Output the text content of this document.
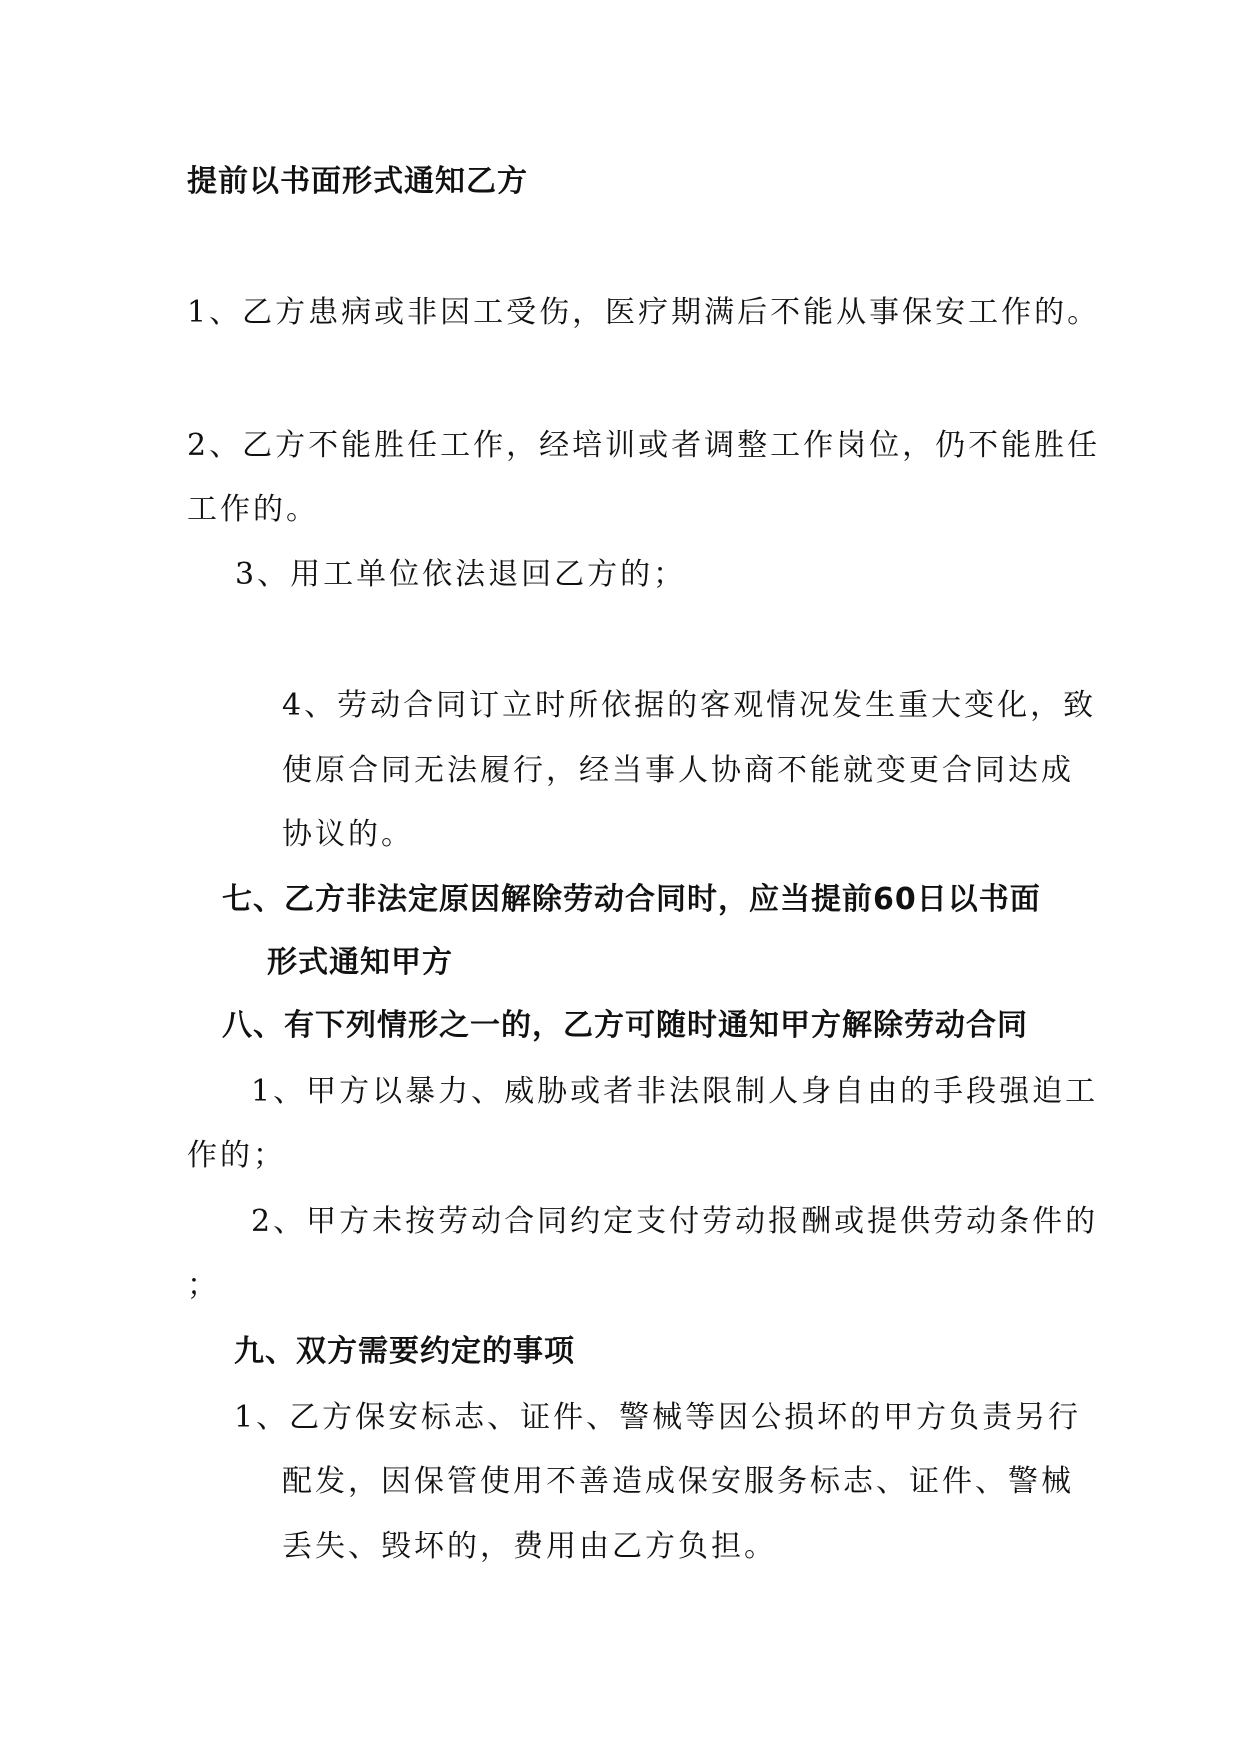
提前以书面形式通知乙方
1、乙方患病或非因工受伤，医疗期满后不能从事保安工作的。
2、乙方不能胜任工作，经培训或者调整工作岗位，仍不能胜任
工作的。
3、用工单位依法退回乙方的；
4、劳动合同订立时所依据的客观情况发生重大变化，致
使原合同无法履行，经当事人协商不能就变更合同达成
协议的。
七、乙方非法定原因解除劳动合同时，应当提前60日以书面
形式通知甲方
八、有下列情形之一的，乙方可随时通知甲方解除劳动合同
1、甲方以暴力、威胁或者非法限制人身自由的手段强迫工
作的；
2、甲方未按劳动合同约定支付劳动报酬或提供劳动条件的
；
九、双方需要约定的事项
1、乙方保安标志、证件、警械等因公损坏的甲方负责另行
配发，因保管使用不善造成保安服务标志、证件、警械
丢失、毁坏的，费用由乙方负担。
